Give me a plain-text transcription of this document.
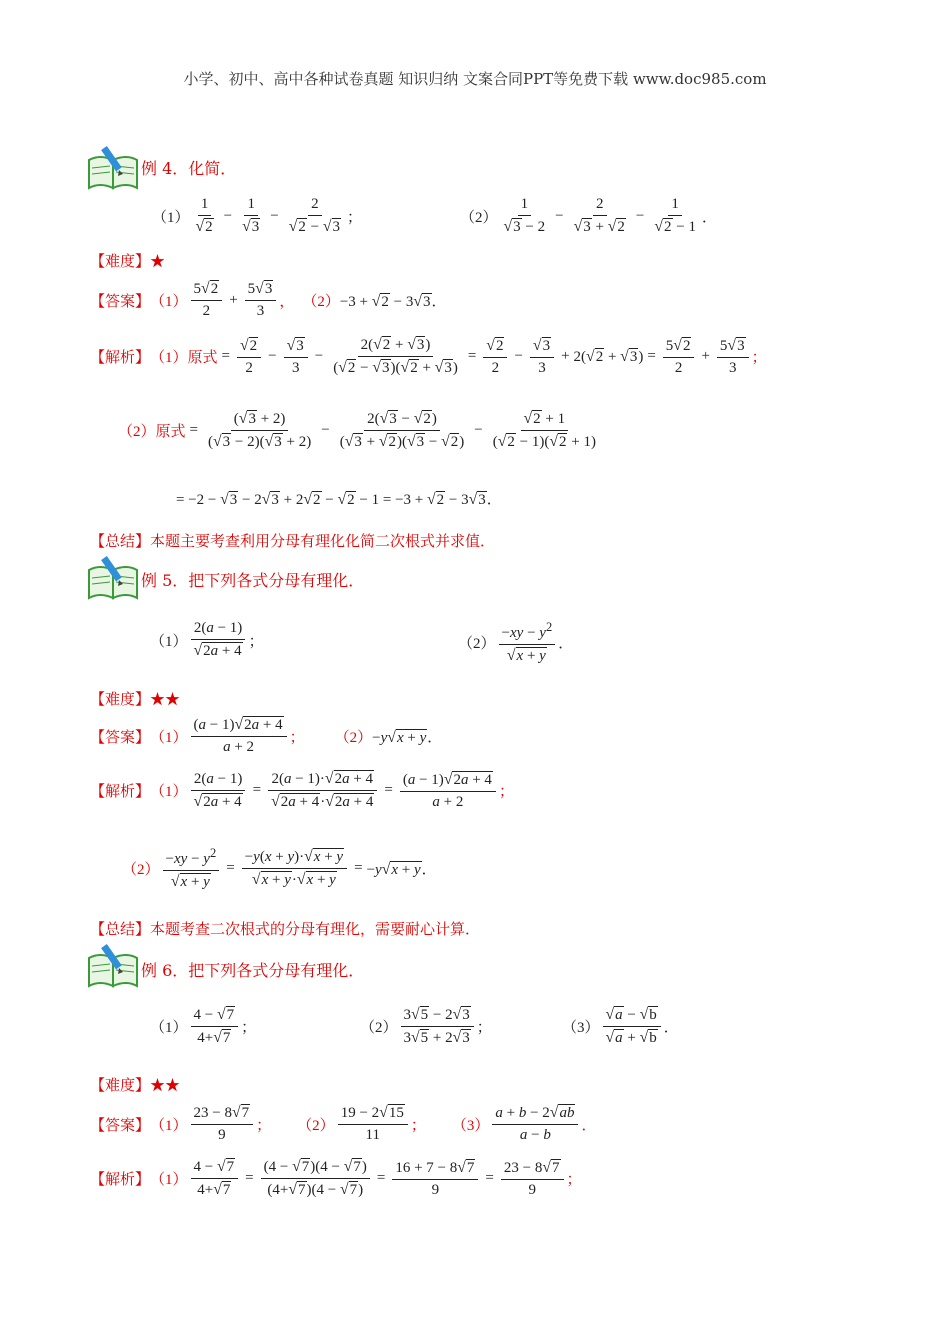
小学、初中、高中各种试卷真题 知识归纳 文案合同PPT等免费下载 www.doc985.com
例 4．化简．
$(1) \frac{1}{√2} - \frac{1}{√3} - \frac{2}{√2 - √3}$ ；	$(2) \frac{1}{√3 - 2} - \frac{2}{√3 + √2} - \frac{1}{√2 - 1}$ ．
【难度】★
【答案】 $(1) \frac{5√2}{2} + \frac{5√3}{3}$ ， （2） −3 + √2 − 3√3．
【解析】 （1）原式 = $\frac{√2}{2} - \frac{√3}{3} - \frac{2(√2 + √3)}{(√2 - √3)(√2 + √3)} = \frac{√2}{2} - \frac{√3}{3} + 2(√2 + √3) = \frac{5√2}{2} + \frac{5√3}{3}$ ；
（2）原式 = $\frac{(√3 + 2)}{(√3 - 2)(√3 + 2)} - \frac{2(√3 - √2)}{(√3 + √2)(√3 - √2)} - \frac{√2 + 1}{(√2 - 1)(√2 + 1)}$
= −2 − √3 − 2√3 + 2√2 − √2 − 1 = −3 + √2 − 3√3．
【总结】本题主要考查利用分母有理化化简二次根式并求值．
例 5．把下列各式分母有理化．
$(1) \frac{2(a - 1)}{√2a + 4}$ ；	$(2) \frac{-xy - y^2}{√x + y}$ ．
【难度】★★
【答案】 $(1) \frac{(a - 1)√2a + 4}{a + 2}$ ； （2） −y√x + y．
【解析】 $(1) \frac{2(a - 1)}{√2a + 4} = \frac{2(a - 1)\cdot√2a + 4}{√2a + 4\cdot√2a + 4} = \frac{(a - 1)√2a + 4}{a + 2}$ ；
$(2) \frac{-xy - y^2}{√x + y} = \frac{-y(x + y)\cdot√x + y}{√x + y\cdot√x + y} = -y√x + y$．
【总结】本题考查二次根式的分母有理化，需要耐心计算．
例 6．把下列各式分母有理化．
$(1) \frac{4 - √7}{4+√7}$ ；	$(2) \frac{3√5 - 2√3}{3√5 + 2√3}$ ；	$(3) \frac{√a - √b}{√a + √b}$ ．
【难度】★★
【答案】 $(1) \frac{23 - 8√7}{9}$ ； $(2) \frac{19 - 2√15}{11}$ ； $(3) \frac{a + b - 2√ab}{a - b}$ ．
【解析】 $(1) \frac{4 - √7}{4+√7} = \frac{(4 - √7)(4 - √7)}{(4+√7)(4 - √7)} = \frac{16 + 7 - 8√7}{9} = \frac{23 - 8√7}{9}$ ；
